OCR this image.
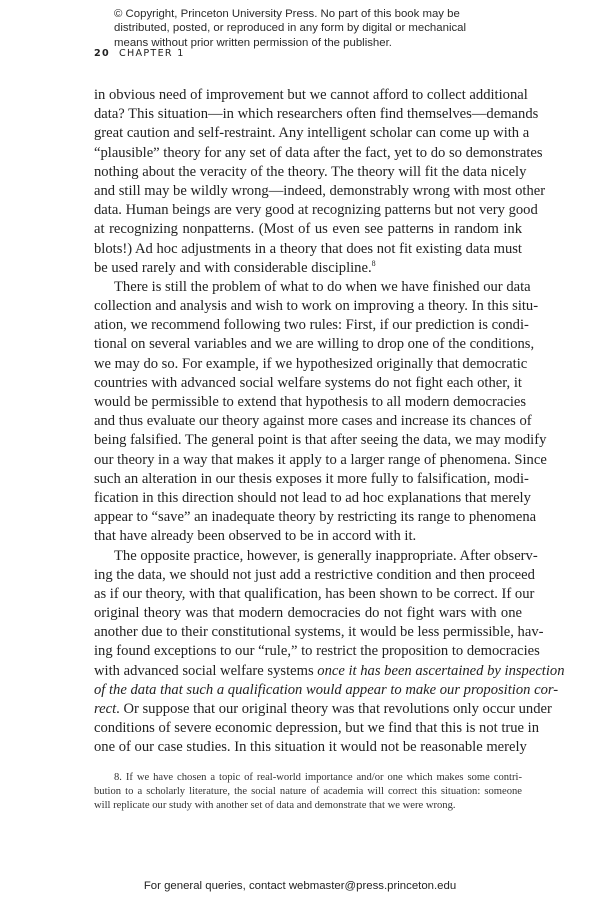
© Copyright, Princeton University Press. No part of this book may be
distributed, posted, or reproduced in any form by digital or mechanical
means without prior written permission of the publisher.
20 CHAPTER 1
in obvious need of improvement but we cannot afford to collect additional
data? This situation—in which researchers often find themselves—demands
great caution and self-restraint. Any intelligent scholar can come up with a
“plausible” theory for any set of data after the fact, yet to do so demonstrates
nothing about the veracity of the theory. The theory will fit the data nicely
and still may be wildly wrong—indeed, demonstrably wrong with most other
data. Human beings are very good at recognizing patterns but not very good
at recognizing nonpatterns. (Most of us even see patterns in random ink
blots!) Ad hoc adjustments in a theory that does not fit existing data must
be used rarely and with considerable discipline.$^8$
There is still the problem of what to do when we have finished our data
collection and analysis and wish to work on improving a theory. In this situ-
ation, we recommend following two rules: First, if our prediction is condi-
tional on several variables and we are willing to drop one of the conditions,
we may do so. For example, if we hypothesized originally that democratic
countries with advanced social welfare systems do not fight each other, it
would be permissible to extend that hypothesis to all modern democracies
and thus evaluate our theory against more cases and increase its chances of
being falsified. The general point is that after seeing the data, we may modify
our theory in a way that makes it apply to a larger range of phenomena. Since
such an alteration in our thesis exposes it more fully to falsification, modi-
fication in this direction should not lead to ad hoc explanations that merely
appear to “save” an inadequate theory by restricting its range to phenomena
that have already been observed to be in accord with it.
The opposite practice, however, is generally inappropriate. After observ-
ing the data, we should not just add a restrictive condition and then proceed
as if our theory, with that qualification, has been shown to be correct. If our
original theory was that modern democracies do not fight wars with one
another due to their constitutional systems, it would be less permissible, hav-
ing found exceptions to our “rule,” to restrict the proposition to democracies
with advanced social welfare systems once it has been ascertained by inspection
of the data that such a qualification would appear to make our proposition cor-
rect. Or suppose that our original theory was that revolutions only occur under
conditions of severe economic depression, but we find that this is not true in
one of our case studies. In this situation it would not be reasonable merely
8. If we have chosen a topic of real-world importance and/or one which makes some contri-
bution to a scholarly literature, the social nature of academia will correct this situation: someone
will replicate our study with another set of data and demonstrate that we were wrong.
For general queries, contact webmaster@press.princeton.edu
